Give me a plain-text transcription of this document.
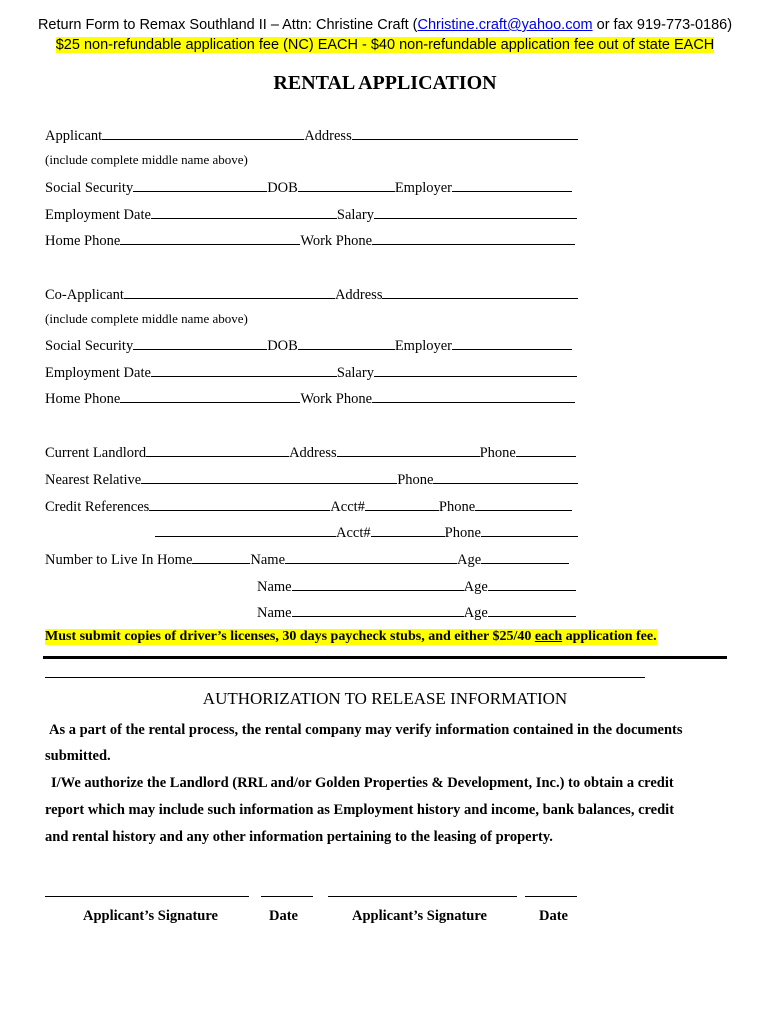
Return Form to Remax Southland II – Attn: Christine Craft (Christine.craft@yahoo.com or fax 919-773-0186)
$25 non-refundable application fee (NC) EACH - $40 non-refundable application fee out of state EACH
RENTAL APPLICATION
Applicant	Address
(include complete middle name above)
Social Security	DOB	Employer
Employment Date	Salary
Home Phone	Work Phone
Co-Applicant	Address
(include complete middle name above)
Social Security	DOB	Employer
Employment Date	Salary
Home Phone	Work Phone
Current Landlord	Address	Phone
Nearest Relative	Phone
Credit References	Acct#	Phone
Acct#	Phone
Number to Live In Home	Name	Age
Name	Age
Name	Age
Must submit copies of driver’s licenses, 30 days paycheck stubs, and either $25/40 each application fee.
AUTHORIZATION TO RELEASE INFORMATION
As a part of the rental process, the rental company may verify information contained in the documents
submitted.
I/We authorize the Landlord (RRL and/or Golden Properties & Development, Inc.) to obtain a credit
report which may include such information as Employment history and income, bank balances, credit
and rental history and any other information pertaining to the leasing of property.
Applicant’s Signature	Date	Applicant’s Signature	Date
